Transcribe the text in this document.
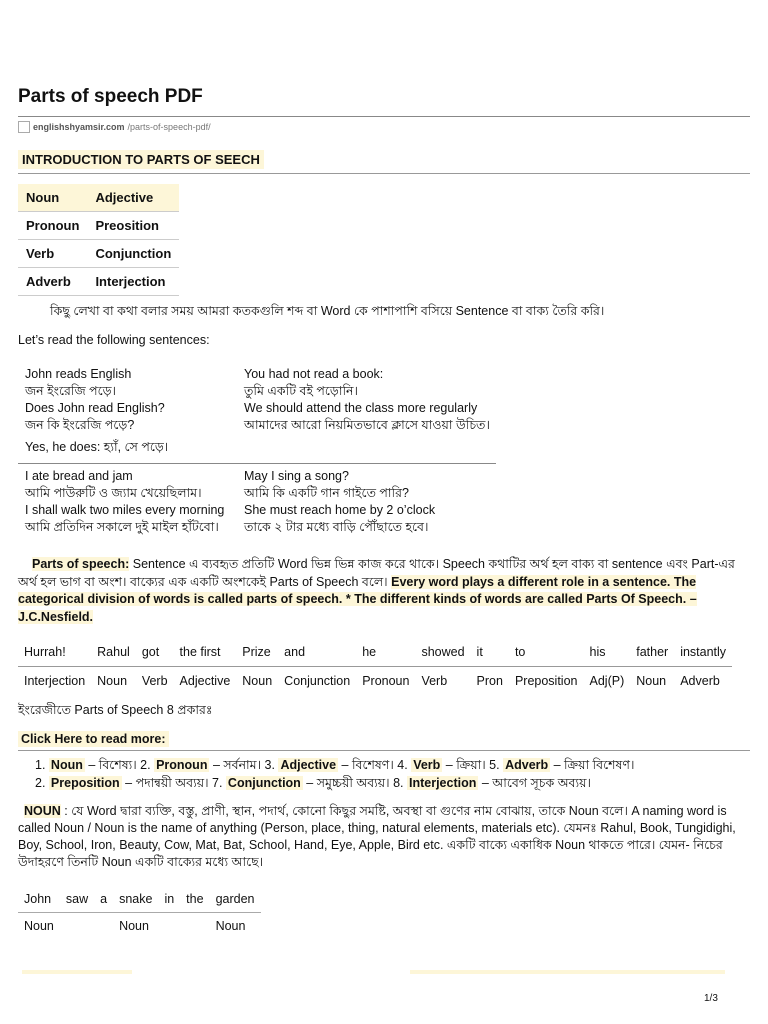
Parts of speech PDF
englishshyamsir.com /parts-of-speech-pdf/
INTRODUCTION TO PARTS OF SEECH
Noun	Adjective
Pronoun	Preosition
Verb	Conjunction
Adverb	Interjection
কিছু লেখা বা কথা বলার সময় আমরা কতকগুলি শব্দ বা Word কে পাশাপাশি বসিয়ে Sentence বা বাক্য তৈরি করি।
Let’s read the following sentences:
John reads English
জন ইংরেজি পড়ে।
Does John read English?
জন কি ইংরেজি পড়ে?
Yes, he does: হ্যাঁ, সে পড়ে।
You had not read a book:
তুমি একটি বই পড়োনি।
We should attend the class more regularly
আমাদের আরো নিয়মিতভাবে ক্লাসে যাওয়া উচিত।
I ate bread and jam
আমি পাউরুটি ও জ্যাম খেয়েছিলাম।
I shall walk two miles every morning
আমি প্রতিদিন সকালে দুই মাইল হাঁটবো।
May I sing a song?
আমি কি একটি গান গাইতে পারি?
She must reach home by 2 o’clock
তাকে ২ টার মধ্যে বাড়ি পৌঁছাতে হবে।
Parts of speech: Sentence এ ব্যবহৃত প্রতিটি Word ভিন্ন ভিন্ন কাজ করে থাকে। Speech কথাটির অর্থ হল বাক্য বা sentence এবং Part-এর অর্থ হল ভাগ বা অংশ। বাক্যের এক একটি অংশকেই Parts of Speech বলে। Every word plays a different role in a sentence. The categorical division of words is called parts of speech. * The different kinds of words are called Parts Of Speech. – J.C.Nesfield.
Hurrah!	Rahul	got	the first	Prize	and	he	showed	it	to	his	father	instantly
Interjection	Noun	Verb	Adjective	Noun	Conjunction	Pronoun	Verb	Pron	Preposition	Adj(P)	Noun	Adverb
ইংরেজীতে Parts of Speech 8 প্রকারঃ
Click Here to read more:
1. Noun – বিশেষ্য। 2. Pronoun – সর্বনাম। 3. Adjective – বিশেষণ। 4. Verb – ক্রিয়া। 5. Adverb – ক্রিয়া বিশেষণ।
2. Preposition – পদান্বয়ী অব্যয়। 7. Conjunction – সমুচ্চয়ী অব্যয়। 8. Interjection – আবেগ সূচক অব্যয়।
NOUN : যে Word দ্বারা ব্যক্তি, বস্তু, প্রাণী, স্থান, পদার্থ, কোনো কিছুর সমষ্টি, অবস্থা বা গুণের নাম বোঝায়, তাকে Noun বলে। A naming word is called Noun / Noun is the name of anything (Person, place, thing, natural elements, materials etc). যেমনঃ Rahul, Book, Tungidighi, Boy, School, Iron, Beauty, Cow, Mat, Bat, School, Hand, Eye, Apple, Bird etc. একটি বাক্যে একাধিক Noun থাকতে পারে। যেমন- নিচের উদাহরণে তিনটি Noun একটি বাক্যের মধ্যে আছে।
John	saw	a	snake	in	the	garden
Noun			Noun			Noun
1/3
